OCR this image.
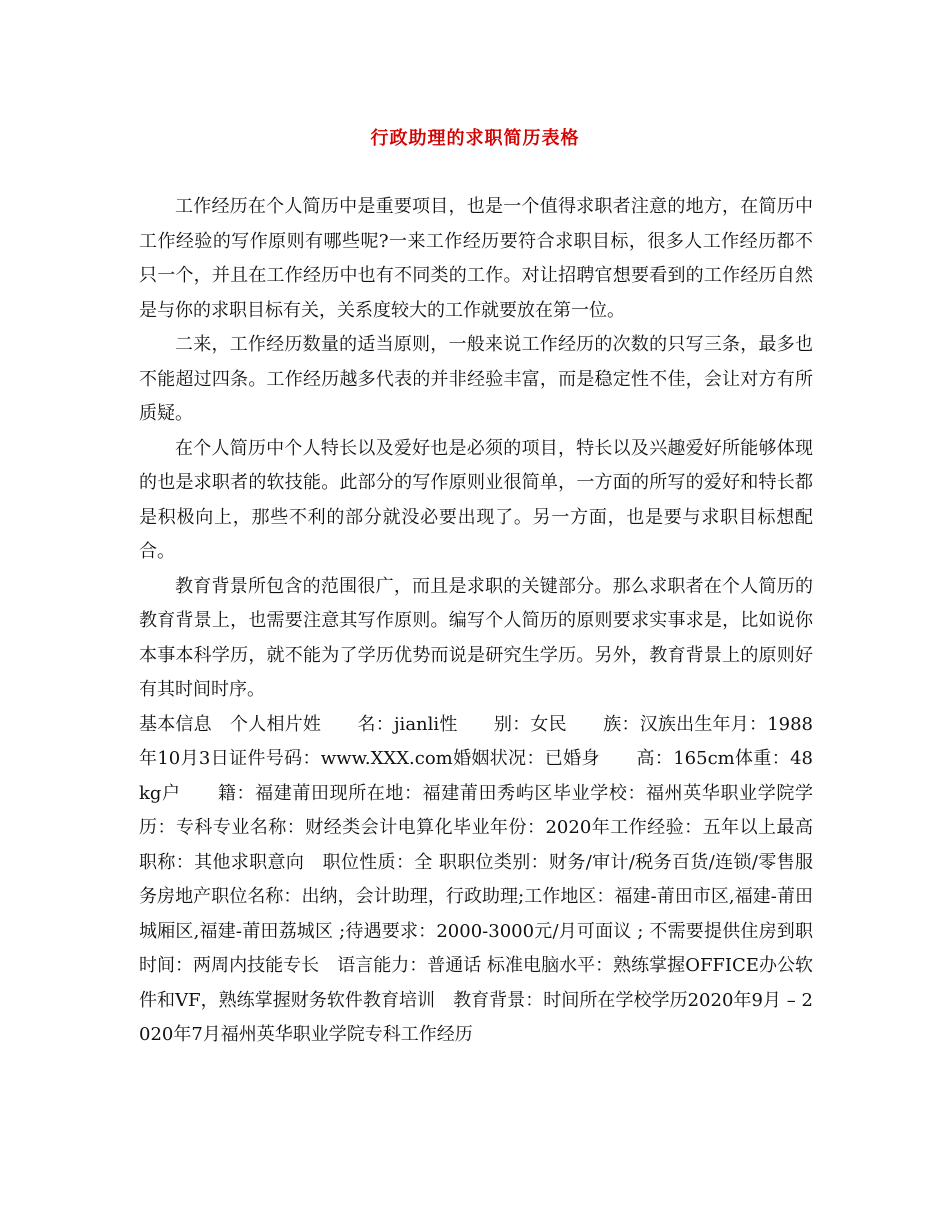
行政助理的求职简历表格

工作经历在个人简历中是重要项目，也是一个值得求职者注意的地方，在简历中工作经验的写作原则有哪些呢?一来工作经历要符合求职目标，很多人工作经历都不只一个，并且在工作经历中也有不同类的工作。对让招聘官想要看到的工作经历自然是与你的求职目标有关，关系度较大的工作就要放在第一位。

二来，工作经历数量的适当原则，一般来说工作经历的次数的只写三条，最多也不能超过四条。工作经历越多代表的并非经验丰富，而是稳定性不佳，会让对方有所质疑。

在个人简历中个人特长以及爱好也是必须的项目，特长以及兴趣爱好所能够体现的也是求职者的软技能。此部分的写作原则业很简单，一方面的所写的爱好和特长都是积极向上，那些不利的部分就没必要出现了。另一方面，也是要与求职目标想配合。

教育背景所包含的范围很广，而且是求职的关键部分。那么求职者在个人简历的教育背景上，也需要注意其写作原则。编写个人简历的原则要求实事求是，比如说你本事本科学历，就不能为了学历优势而说是研究生学历。另外，教育背景上的原则好有其时间时序。

基本信息　个人相片姓　　名：jianli性　　别：女民　　族：汉族出生年月：1988年10月3日证件号码：www.XXX.com婚姻状况：已婚身　　高：165cm体重：48kg户　　籍：福建莆田现所在地：福建莆田秀屿区毕业学校：福州英华职业学院学　　历：专科专业名称：财经类会计电算化毕业年份：2020年工作经验：五年以上最高职称：其他求职意向　职位性质：全 职职位类别：财务/审计/税务百货/连锁/零售服务房地产职位名称：出纳，会计助理，行政助理;工作地区：福建-莆田市区,福建-莆田城厢区,福建-莆田荔城区 ;待遇要求：2000-3000元/月可面议 ; 不需要提供住房到职时间：两周内技能专长　语言能力：普通话 标准电脑水平：熟练掌握OFFICE办公软件和VF，熟练掌握财务软件教育培训　教育背景：时间所在学校学历2020年9月 – 2020年7月福州英华职业学院专科工作经历
